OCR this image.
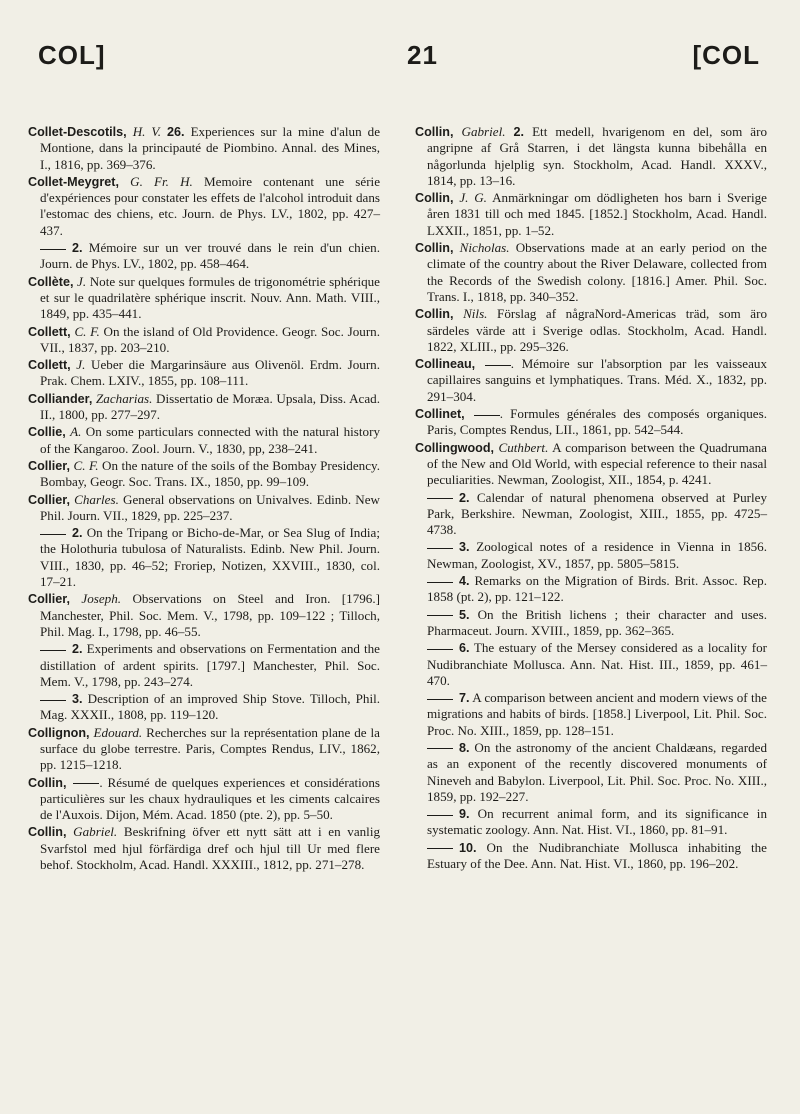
COL]	21	[COL

Collet-Descotils, H. V. 26. Experiences sur la mine d'alun de Montione, dans la principauté de Piombino. Annal. des Mines, I., 1816, pp. 369–376.

Collet-Meygret, G. Fr. H. Memoire contenant une série d'expériences pour constater les effets de l'alcohol introduit dans l'estomac des chiens, etc. Journ. de Phys. LV., 1802, pp. 427–437.

2. Mémoire sur un ver trouvé dans le rein d'un chien. Journ. de Phys. LV., 1802, pp. 458–464.

Collète, J. Note sur quelques formules de trigonométrie sphérique et sur le quadrilatère sphérique inscrit. Nouv. Ann. Math. VIII., 1849, pp. 435–441.

Collett, C. F. On the island of Old Providence. Geogr. Soc. Journ. VII., 1837, pp. 203–210.

Collett, J. Ueber die Margarinsäure aus Olivenöl. Erdm. Journ. Prak. Chem. LXIV., 1855, pp. 108–111.

Colliander, Zacharias. Dissertatio de Moræa. Upsala, Diss. Acad. II., 1800, pp. 277–297.

Collie, A. On some particulars connected with the natural history of the Kangaroo. Zool. Journ. V., 1830, pp, 238–241.

Collier, C. F. On the nature of the soils of the Bombay Presidency. Bombay, Geogr. Soc. Trans. IX., 1850, pp. 99–109.

Collier, Charles. General observations on Univalves. Edinb. New Phil. Journ. VII., 1829, pp. 225–237.

2. On the Tripang or Bicho-de-Mar, or Sea Slug of India; the Holothuria tubulosa of Naturalists. Edinb. New Phil. Journ. VIII., 1830, pp. 46–52; Froriep, Notizen, XXVIII., 1830, col. 17–21.

Collier, Joseph. Observations on Steel and Iron. [1796.] Manchester, Phil. Soc. Mem. V., 1798, pp. 109–122 ; Tilloch, Phil. Mag. I., 1798, pp. 46–55.

2. Experiments and observations on Fermentation and the distillation of ardent spirits. [1797.] Manchester, Phil. Soc. Mem. V., 1798, pp. 243–274.

3. Description of an improved Ship Stove. Tilloch, Phil. Mag. XXXII., 1808, pp. 119–120.

Collignon, Edouard. Recherches sur la représentation plane de la surface du globe terrestre. Paris, Comptes Rendus, LIV., 1862, pp. 1215–1218.

Collin,	. Résumé de quelques experiences et considérations particulières sur les chaux hydrauliques et les ciments calcaires de l'Auxois. Dijon, Mém. Acad. 1850 (pte. 2), pp. 5–50.

Collin, Gabriel. Beskrifning öfver ett nytt sätt att i en vanlig Svarfstol med hjul förfärdiga dref och hjul till Ur med flere behof. Stockholm, Acad. Handl. XXXIII., 1812, pp. 271–278.

Collin, Gabriel. 2. Ett medell, hvarigenom en del, som äro angripne af Grå Starren, i det längsta kunna bibehålla en någorlunda hjelplig syn. Stockholm, Acad. Handl. XXXV., 1814, pp. 13–16.

Collin, J. G. Anmärkningar om dödligheten hos barn i Sverige åren 1831 till och med 1845. [1852.] Stockholm, Acad. Handl. LXXII., 1851, pp. 1–52.

Collin, Nicholas. Observations made at an early period on the climate of the country about the River Delaware, collected from the Records of the Swedish colony. [1816.] Amer. Phil. Soc. Trans. I., 1818, pp. 340–352.

Collin, Nils. Förslag af någraNord-Americas träd, som äro särdeles värde att i Sverige odlas. Stockholm, Acad. Handl. 1822, XLIII., pp. 295–326.

Collineau,	. Mémoire sur l'absorption par les vaisseaux capillaires sanguins et lymphatiques. Trans. Méd. X., 1832, pp. 291–304.

Collinet,	. Formules générales des composés organiques. Paris, Comptes Rendus, LII., 1861, pp. 542–544.

Collingwood, Cuthbert. A comparison between the Quadrumana of the New and Old World, with especial reference to their nasal peculiarities. Newman, Zoologist, XII., 1854, p. 4241.

2. Calendar of natural phenomena observed at Purley Park, Berkshire. Newman, Zoologist, XIII., 1855, pp. 4725–4738.

3. Zoological notes of a residence in Vienna in 1856. Newman, Zoologist, XV., 1857, pp. 5805–5815.

4. Remarks on the Migration of Birds. Brit. Assoc. Rep. 1858 (pt. 2), pp. 121–122.

5. On the British lichens ; their character and uses. Pharmaceut. Journ. XVIII., 1859, pp. 362–365.

6. The estuary of the Mersey considered as a locality for Nudibranchiate Mollusca. Ann. Nat. Hist. III., 1859, pp. 461–470.

7. A comparison between ancient and modern views of the migrations and habits of birds. [1858.] Liverpool, Lit. Phil. Soc. Proc. No. XIII., 1859, pp. 128–151.

8. On the astronomy of the ancient Chaldæans, regarded as an exponent of the recently discovered monuments of Nineveh and Babylon. Liverpool, Lit. Phil. Soc. Proc. No. XIII., 1859, pp. 192–227.

9. On recurrent animal form, and its significance in systematic zoology. Ann. Nat. Hist. VI., 1860, pp. 81–91.

10. On the Nudibranchiate Mollusca inhabiting the Estuary of the Dee. Ann. Nat. Hist. VI., 1860, pp. 196–202.
